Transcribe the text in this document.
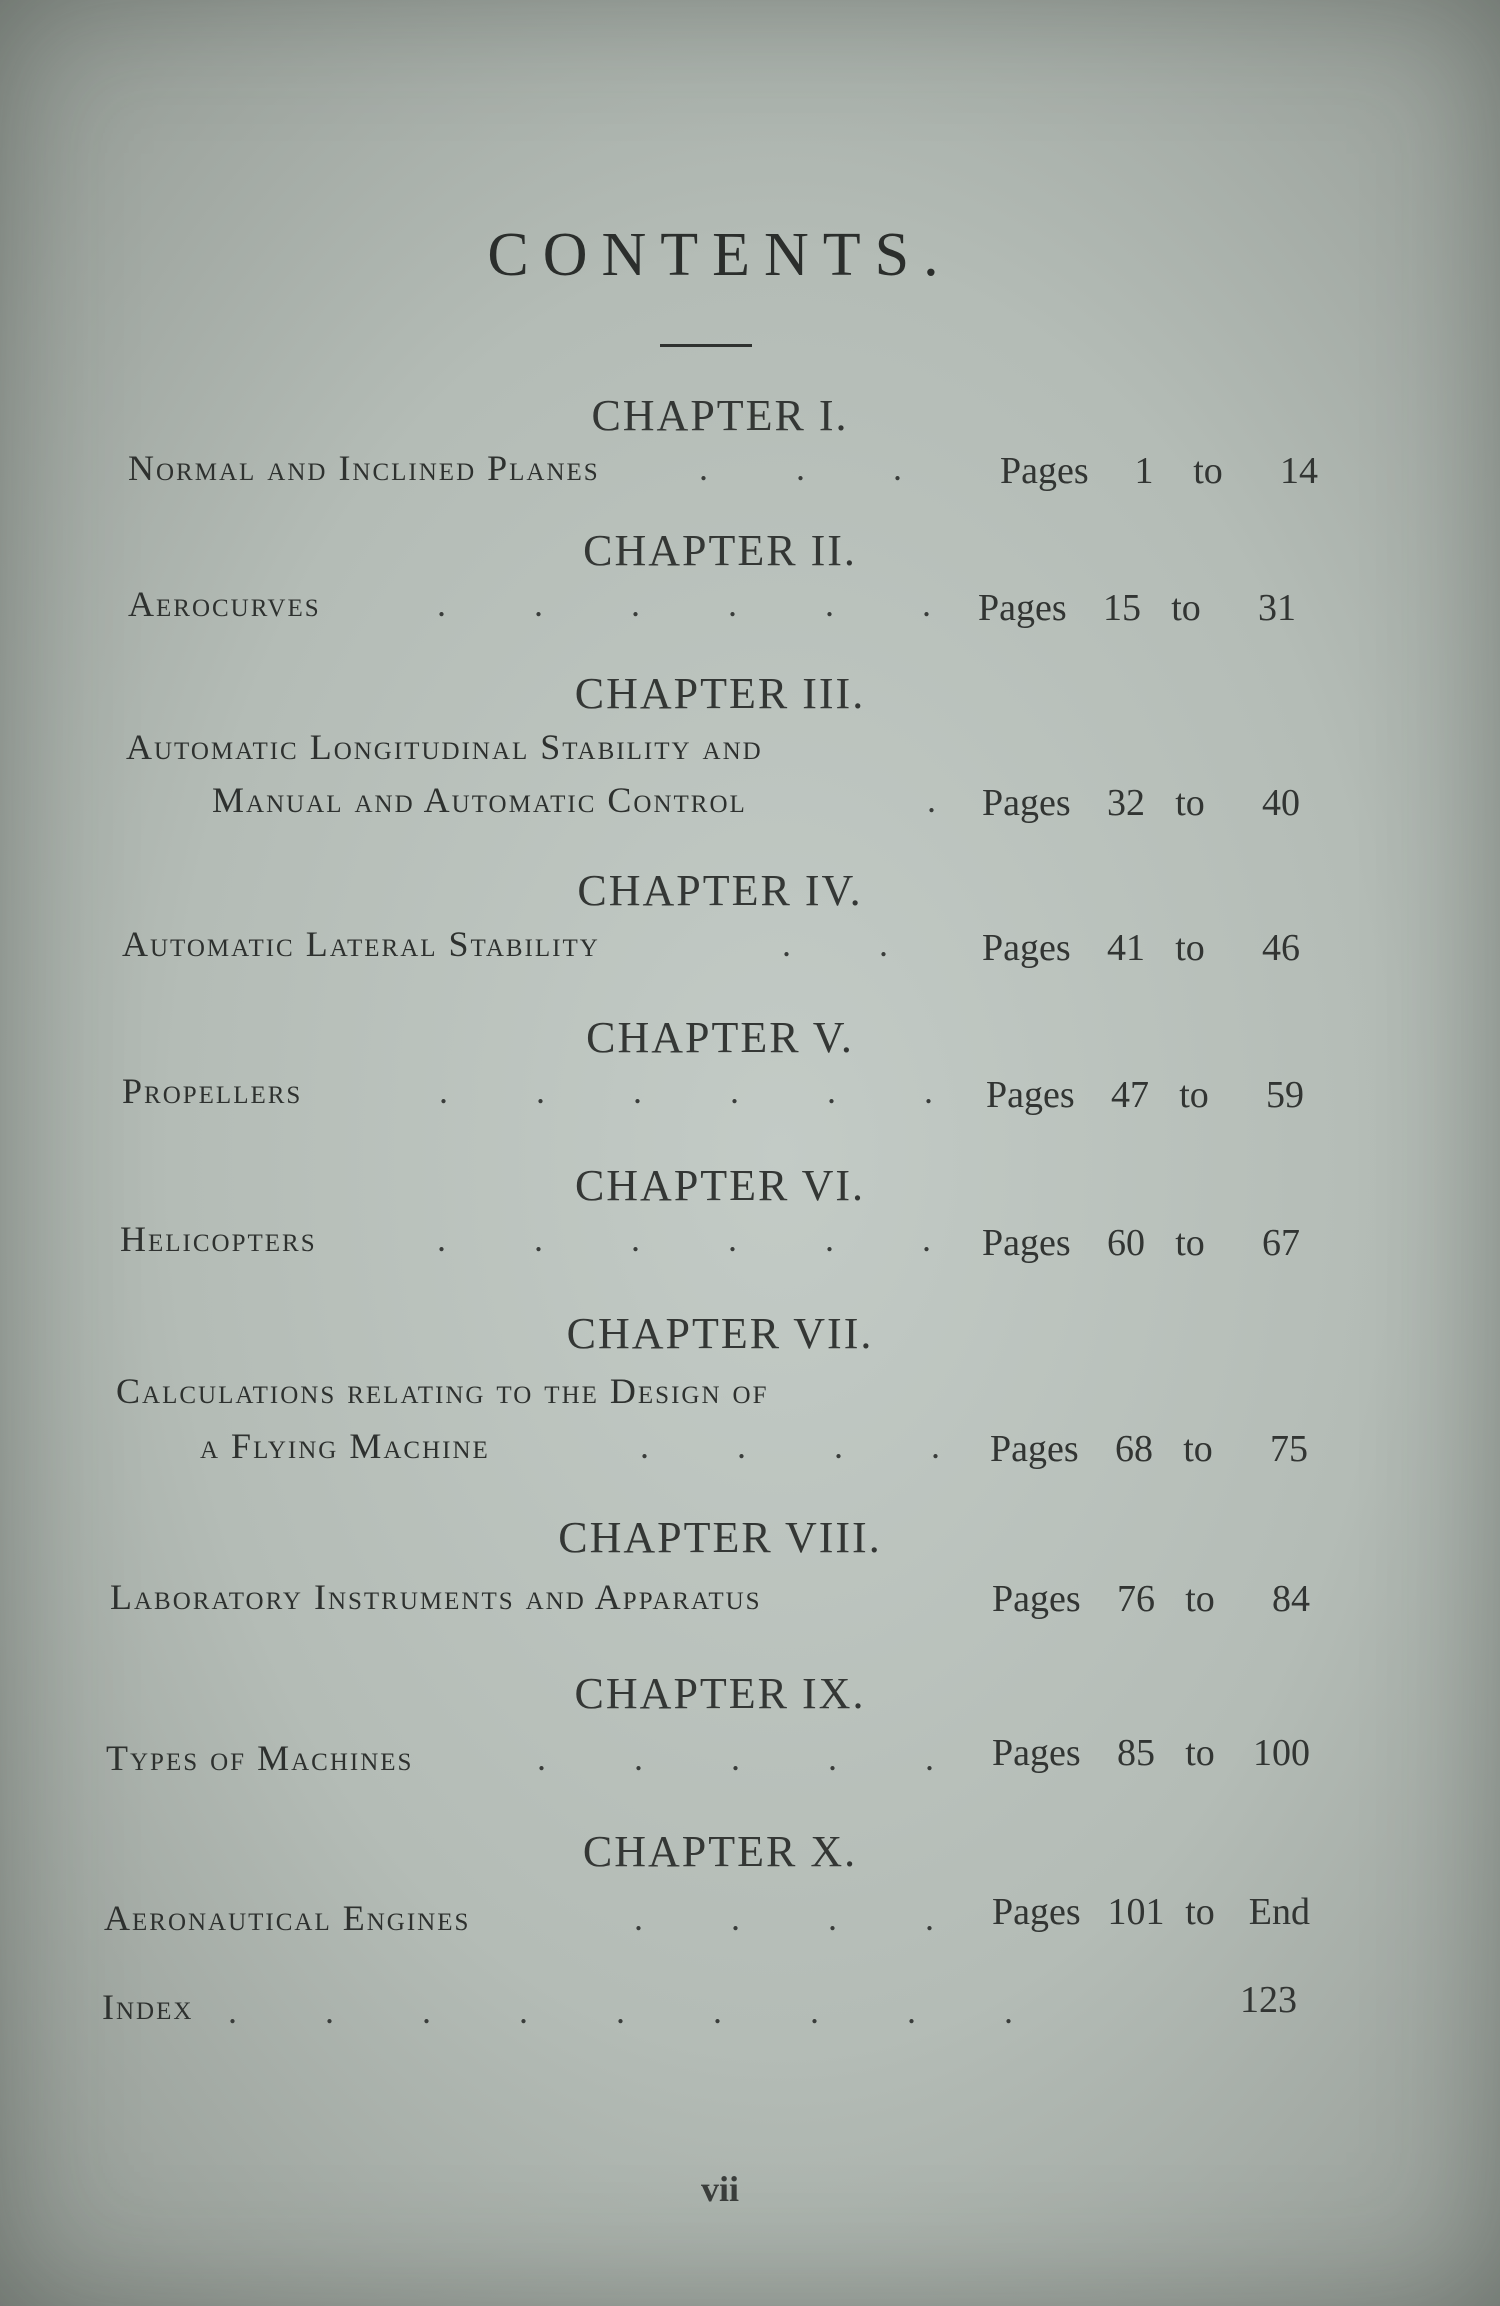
CONTENTS.
CHAPTER I.
Normal and Inclined Planes	. . .	Pages 1 to 14
CHAPTER II.
Aerocurves	. . . . . .	Pages 15 to 31
CHAPTER III.
Automatic Longitudinal Stability and
Manual and Automatic Control	.	Pages 32 to 40
CHAPTER IV.
Automatic Lateral Stability	. .	Pages 41 to 46
CHAPTER V.
Propellers	. . . . . .	Pages 47 to 59
CHAPTER VI.
Helicopters	. . . . . .	Pages 60 to 67
CHAPTER VII.
Calculations relating to the Design of
a Flying Machine	. . . .	Pages 68 to 75
CHAPTER VIII.
Laboratory Instruments and Apparatus	Pages 76 to 84
CHAPTER IX.
Types of Machines	. . . . .	Pages 85 to 100
CHAPTER X.
Aeronautical Engines	. . . .	Pages 101 to End
Index . . . . . . . . .	123
vii
